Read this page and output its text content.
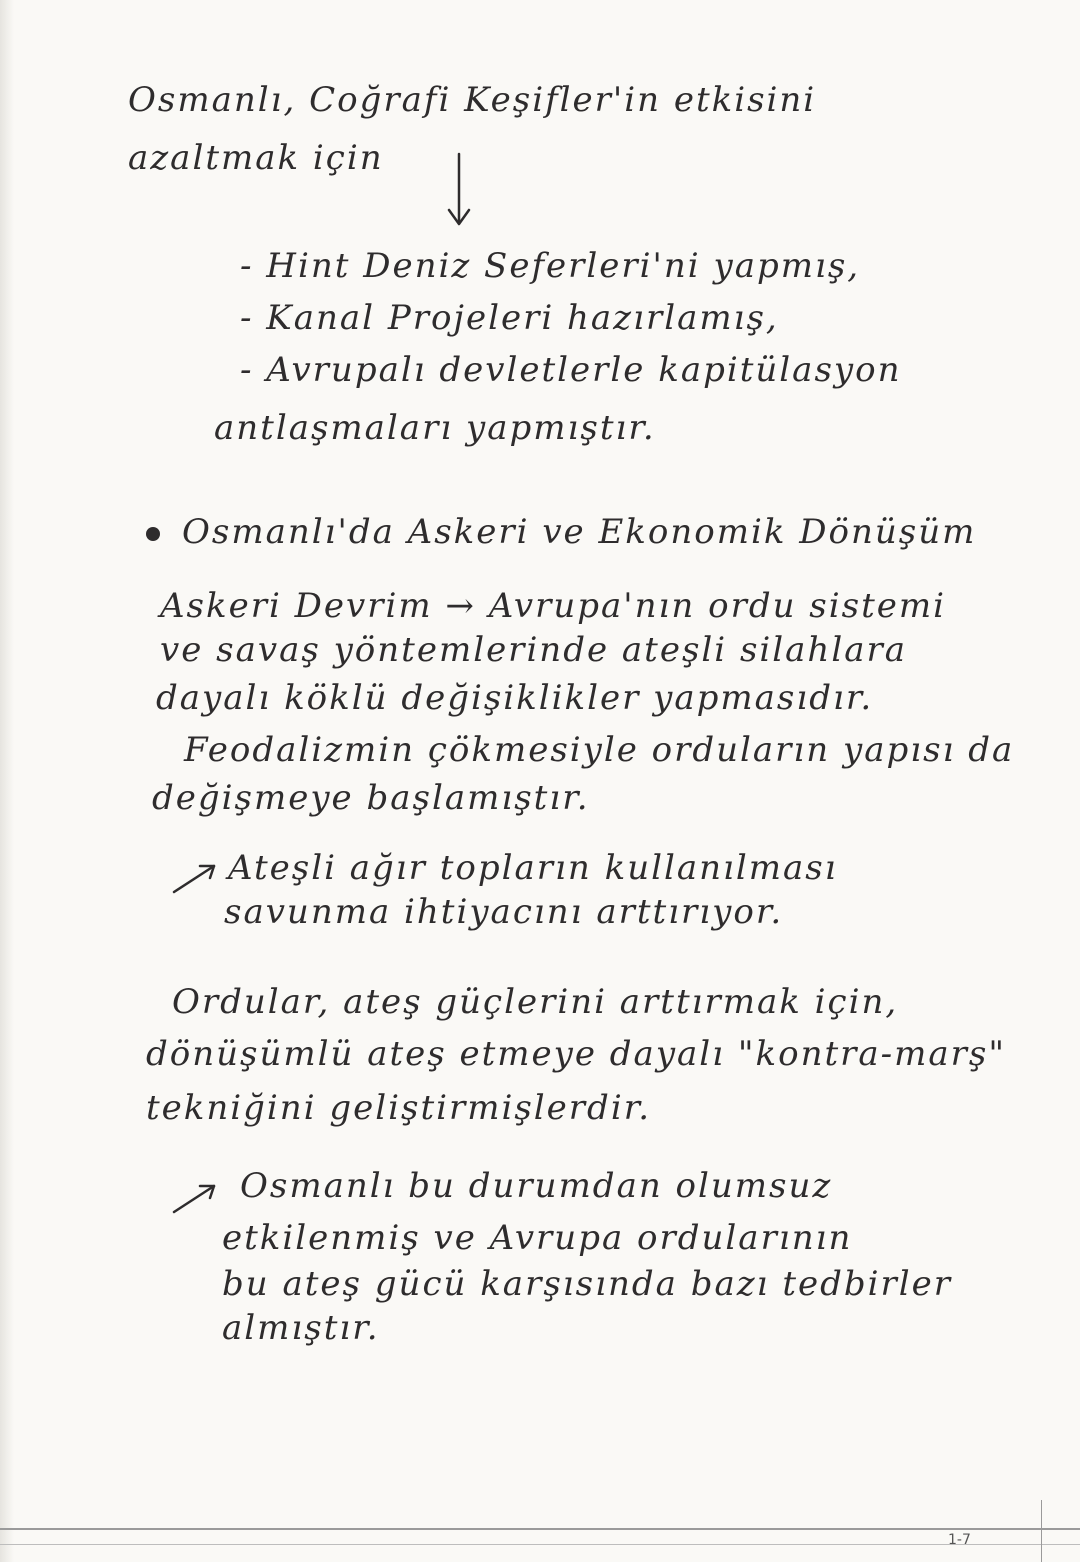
Osmanlı, Coğrafi Keşifler'in etkisini
azaltmak için
- Hint Deniz Seferleri'ni yapmış,
- Kanal Projeleri hazırlamış,
- Avrupalı devletlerle kapitülasyon
antlaşmaları yapmıştır.
Osmanlı'da Askeri ve Ekonomik Dönüşüm
Askeri Devrim → Avrupa'nın ordu sistemi
ve savaş yöntemlerinde ateşli silahlara
dayalı köklü değişiklikler yapmasıdır.
Feodalizmin çökmesiyle orduların yapısı da
değişmeye başlamıştır.
Ateşli ağır topların kullanılması
savunma ihtiyacını arttırıyor.
Ordular, ateş güçlerini arttırmak için,
dönüşümlü ateş etmeye dayalı "kontra-marş"
tekniğini geliştirmişlerdir.
Osmanlı bu durumdan olumsuz
etkilenmiş ve Avrupa ordularının
bu ateş gücü karşısında bazı tedbirler
almıştır.
1-7
